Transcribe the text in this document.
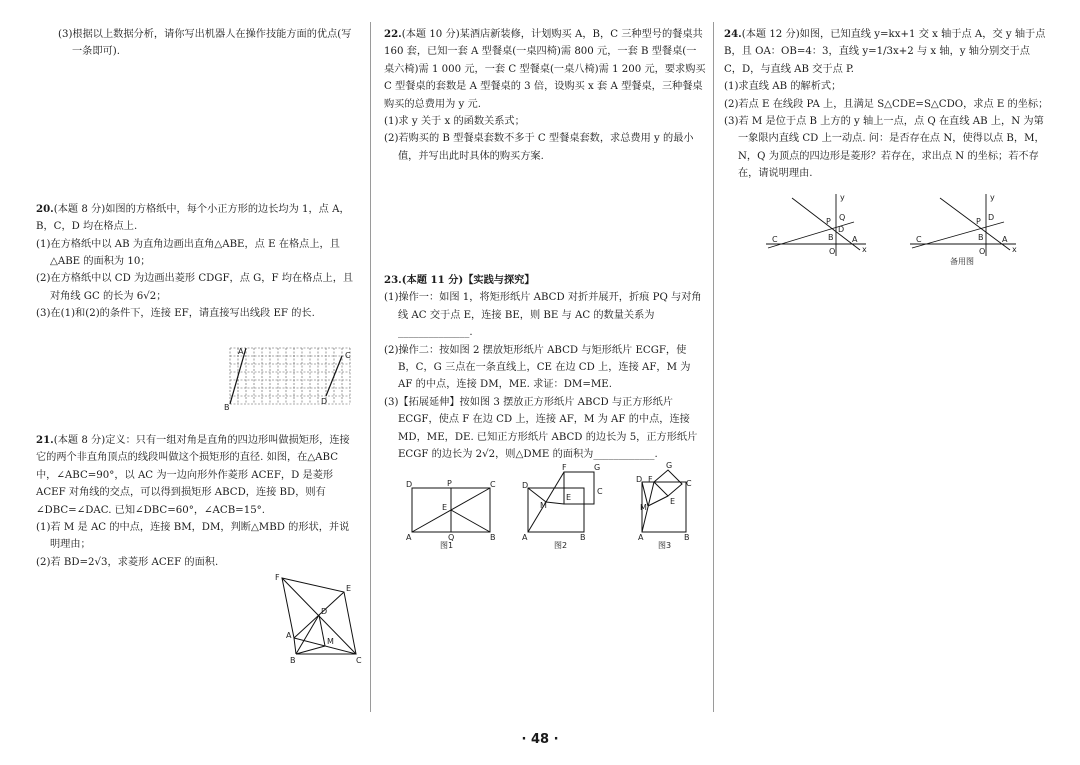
(3)根据以上数据分析，请你写出机器人在操作技能方面的优点(写一条即可).

20.(本题 8 分)如图的方格纸中，每个小正方形的边长均为 1，点 A，B，C，D 均在格点上.

(1)在方格纸中以 AB 为直角边画出直角△ABE，点 E 在格点上，且△ABE 的面积为 10；

(2)在方格纸中以 CD 为边画出菱形 CDGF，点 G，F 均在格点上，且对角线 GC 的长为 6√2；

(3)在(1)和(2)的条件下，连接 EF，请直接写出线段 EF 的长.

A
B
C
D

21.(本题 8 分)定义：只有一组对角是直角的四边形叫做损矩形，连接它的两个非直角顶点的线段叫做这个损矩形的直径. 如图，在△ABC 中，∠ABC=90°，以 AC 为一边向形外作菱形 ACEF，D 是菱形 ACEF 对角线的交点，可以得到损矩形 ABCD，连接 BD，则有∠DBC=∠DAC. 已知∠DBC=60°，∠ACB=15°.

(1)若 M 是 AC 的中点，连接 BM，DM，判断△MBD 的形状，并说明理由；

(2)若 BD=2√3，求菱形 ACEF 的面积.

F
E
D
A
M
B	C

22.(本题 10 分)某酒店新装修，计划购买 A，B，C 三种型号的餐桌共 160 套，已知一套 A 型餐桌(一桌四椅)需 800 元，一套 B 型餐桌(一桌六椅)需 1 000 元，一套 C 型餐桌(一桌八椅)需 1 200 元，要求购买 C 型餐桌的套数是 A 型餐桌的 3 倍，设购买 x 套 A 型餐桌，三种餐桌购买的总费用为 y 元.

(1)求 y 关于 x 的函数关系式；

(2)若购买的 B 型餐桌套数不多于 C 型餐桌套数，求总费用 y 的最小值，并写出此时具体的购买方案.

23.(本题 11 分)【实践与探究】

(1)操作一：如图 1，将矩形纸片 ABCD 对折并展开，折痕 PQ 与对角线 AC 交于点 E，连接 BE，则 BE 与 AC 的数量关系为______________.

(2)操作二：按如图 2 摆放矩形纸片 ABCD 与矩形纸片 ECGF，使 B，C，G 三点在一条直线上，CE 在边 CD 上，连接 AF，M 为 AF 的中点，连接 DM，ME. 求证：DM=ME.

(3)【拓展延伸】按如图 3 摆放正方形纸片 ABCD 与正方形纸片 ECGF，使点 F 在边 CD 上，连接 AF，M 为 AF 的中点，连接 MD，ME，DE. 已知正方形纸片 ABCD 的边长为 5，正方形纸片 ECGF 的边长为 2√2，则△DME 的面积为____________.

D	P	C
E
A	Q	B
图1
F	G
D
C
E
M
A	B
图2
G
D F	C
M
E
A	B
图3

24.(本题 12 分)如图，已知直线 y=kx+1 交 x 轴于点 A，交 y 轴于点 B，且 OA：OB=4：3，直线 y=1/3x+2 与 x 轴，y 轴分别交于点 C，D，与直线 AB 交于点 P.

(1)求直线 AB 的解析式；

(2)若点 E 在线段 PA 上，且满足 S△CDE=S△CDO，求点 E 的坐标；

(3)若 M 是位于点 B 上方的 y 轴上一点，点 Q 在直线 AB 上，N 为第一象限内直线 CD 上一动点. 问：是否存在点 N，使得以点 B，M，N，Q 为顶点的四边形是菱形？若存在，求出点 N 的坐标；若不存在，请说明理由.

y
Q
P
D
C	B A
O	x
y
P D
C	B A
O	x
备用图
· 48 ·
